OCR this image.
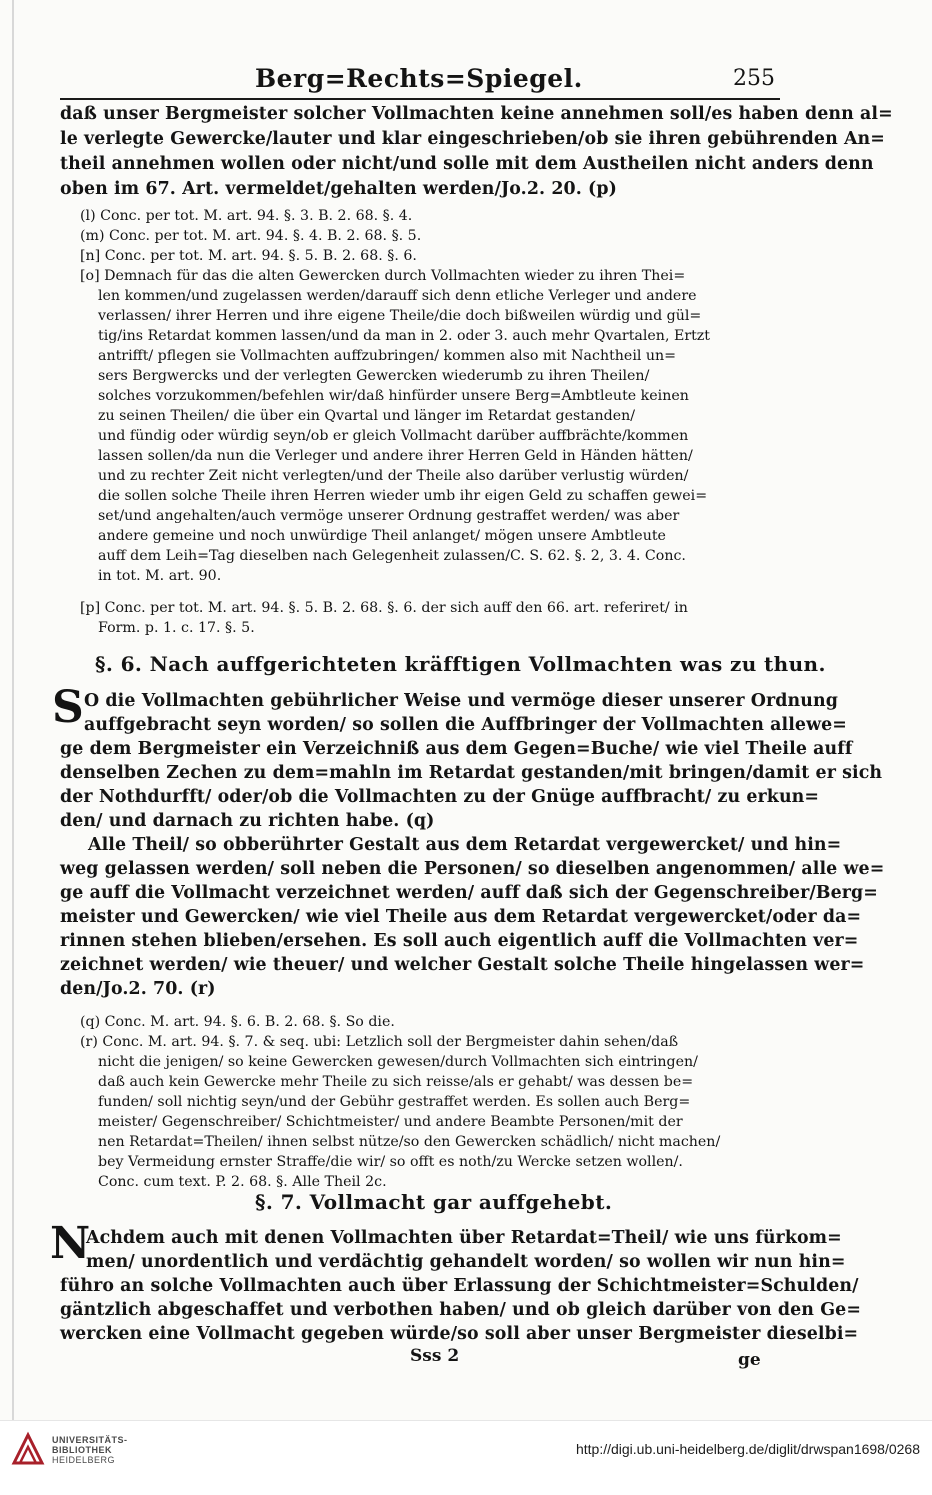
Berg=Rechts=Spiegel.	255
daß unser Bergmeister solcher Vollmachten keine annehmen soll/es haben denn al=
le verlegte Gewercke/lauter und klar eingeschrieben/ob sie ihren gebührenden An=
theil annehmen wollen oder nicht/und solle mit dem Austheilen nicht anders denn
oben im 67. Art. vermeldet/gehalten werden/Jo.2. 20. (p)
(l) Conc. per tot. M. art. 94. §. 3. B. 2. 68. §. 4.
(m) Conc. per tot. M. art. 94. §. 4. B. 2. 68. §. 5.
[n] Conc. per tot. M. art. 94. §. 5. B. 2. 68. §. 6.
[o] Demnach für das die alten Gewercken durch Vollmachten wieder zu ihren Thei=
len kommen/und zugelassen werden/darauff sich denn etliche Verleger und andere
verlassen/ ihrer Herren und ihre eigene Theile/die doch bißweilen würdig und gül=
tig/ins Retardat kommen lassen/und da man in 2. oder 3. auch mehr Qvartalen, Ertzt
antrifft/ pflegen sie Vollmachten auffzubringen/ kommen also mit Nachtheil un=
sers Bergwercks und der verlegten Gewercken wiederumb zu ihren Theilen/
solches vorzukommen/befehlen wir/daß hinfürder unsere Berg=Ambtleute keinen
zu seinen Theilen/ die über ein Qvartal und länger im Retardat gestanden/
und fündig oder würdig seyn/ob er gleich Vollmacht darüber auffbrächte/kommen
lassen sollen/da nun die Verleger und andere ihrer Herren Geld in Händen hätten/
und zu rechter Zeit nicht verlegten/und der Theile also darüber verlustig würden/
die sollen solche Theile ihren Herren wieder umb ihr eigen Geld zu schaffen gewei=
set/und angehalten/auch vermöge unserer Ordnung gestraffet werden/ was aber
andere gemeine und noch unwürdige Theil anlanget/ mögen unsere Ambtleute
auff dem Leih=Tag dieselben nach Gelegenheit zulassen/C. S. 62. §. 2, 3. 4. Conc.
in tot. M. art. 90.
[p] Conc. per tot. M. art. 94. §. 5. B. 2. 68. §. 6. der sich auff den 66. art. referiret/ in
Form. p. 1. c. 17. §. 5.
§. 6. Nach auffgerichteten kräfftigen Vollmachten was zu thun.
S O die Vollmachten gebührlicher Weise und vermöge dieser unserer Ordnung
auffgebracht seyn worden/ so sollen die Auffbringer der Vollmachten allewe=
ge dem Bergmeister ein Verzeichniß aus dem Gegen=Buche/ wie viel Theile auff
denselben Zechen zu dem=mahln im Retardat gestanden/mit bringen/damit er sich
der Nothdurfft/ oder/ob die Vollmachten zu der Gnüge auffbracht/ zu erkun=
den/ und darnach zu richten habe. (q)
Alle Theil/ so obberührter Gestalt aus dem Retardat vergewercket/ und hin=
weg gelassen werden/ soll neben die Personen/ so dieselben angenommen/ alle we=
ge auff die Vollmacht verzeichnet werden/ auff daß sich der Gegenschreiber/Berg=
meister und Gewercken/ wie viel Theile aus dem Retardat vergewercket/oder da=
rinnen stehen blieben/ersehen. Es soll auch eigentlich auff die Vollmachten ver=
zeichnet werden/ wie theuer/ und welcher Gestalt solche Theile hingelassen wer=
den/Jo.2. 70. (r)
(q) Conc. M. art. 94. §. 6. B. 2. 68. §. So die.
(r) Conc. M. art. 94. §. 7. & seq. ubi: Letzlich soll der Bergmeister dahin sehen/daß
nicht die jenigen/ so keine Gewercken gewesen/durch Vollmachten sich eintringen/
daß auch kein Gewercke mehr Theile zu sich reisse/als er gehabt/ was dessen be=
funden/ soll nichtig seyn/und der Gebühr gestraffet werden. Es sollen auch Berg=
meister/ Gegenschreiber/ Schichtmeister/ und andere Beambte Personen/mit der
nen Retardat=Theilen/ ihnen selbst nütze/so den Gewercken schädlich/ nicht machen/
bey Vermeidung ernster Straffe/die wir/ so offt es noth/zu Wercke setzen wollen/.
Conc. cum text. P. 2. 68. §. Alle Theil 2c.
§. 7. Vollmacht gar auffgehebt.
N
Achdem auch mit denen Vollmachten über Retardat=Theil/ wie uns fürkom=
men/ unordentlich und verdächtig gehandelt worden/ so wollen wir nun hin=
führo an solche Vollmachten auch über Erlassung der Schichtmeister=Schulden/
gäntzlich abgeschaffet und verbothen haben/ und ob gleich darüber von den Ge=
wercken eine Vollmacht gegeben würde/so soll aber unser Bergmeister dieselbi=
Sss 2	ge
UNIVERSITÄTS-
BIBLIOTHEK
HEIDELBERG
http://digi.ub.uni-heidelberg.de/diglit/drwspan1698/0268
